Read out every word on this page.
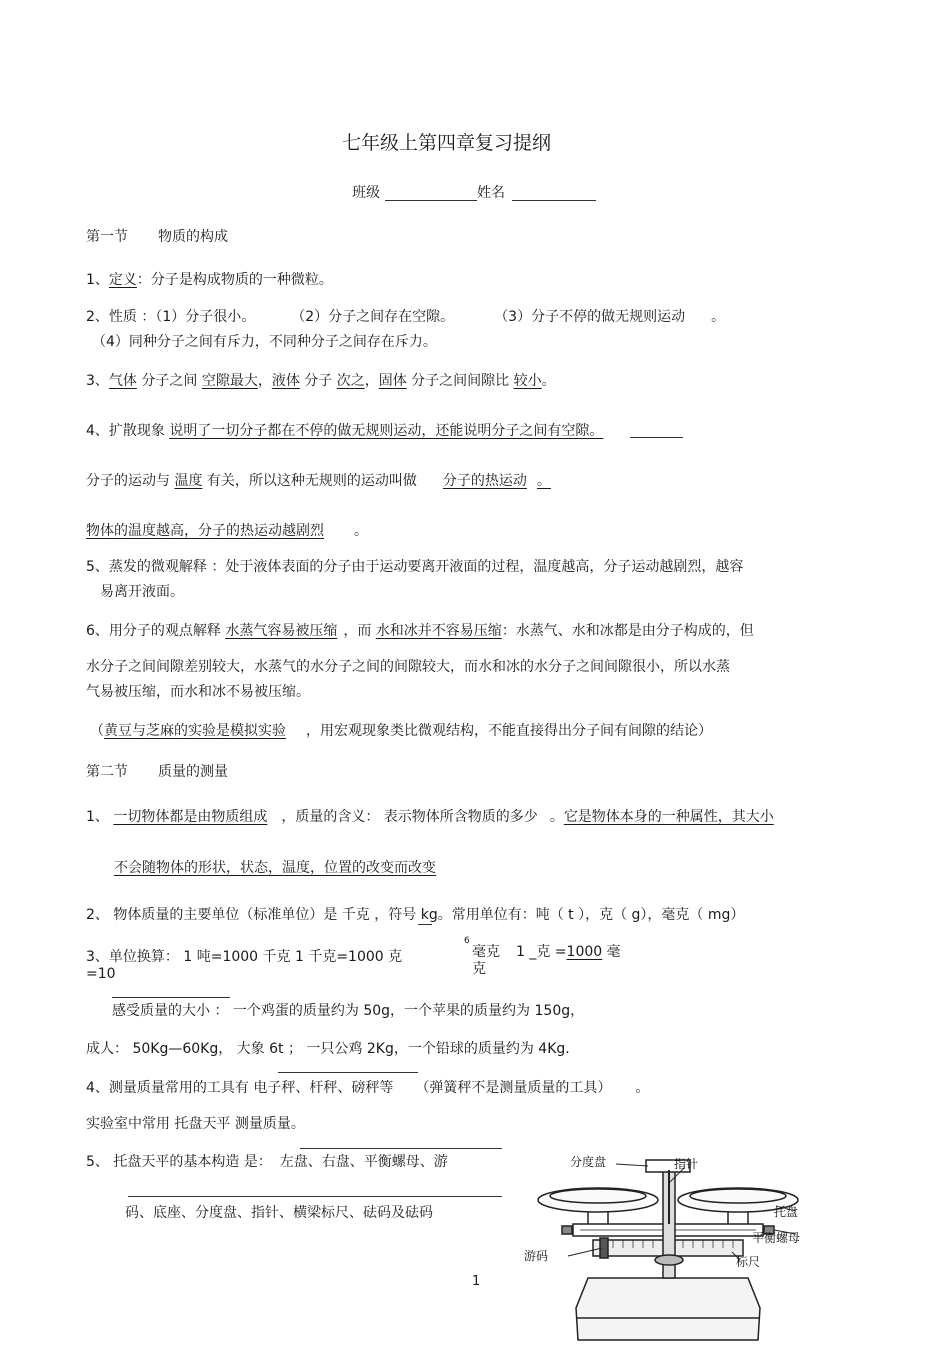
七年级上第四章复习提纲
班级	姓名
第一节 物质的构成
1、定义：分子是构成物质的一种微粒。
2、性质 ：（1）分子很小。	（2）分子之间存在空隙。	（3）分子不停的做无规则运动 。
（4）同种分子之间有斥力，不同种分子之间存在斥力。
3、气体 分子之间 空隙最大，液体 分子 次之，固体 分子之间间隙比 较小。
4、扩散现象 说明了一切分子都在不停的做无规则运动，还能说明分子之间有空隙。
分子的运动与 温度 有关，所以这种无规则的运动叫做 分子的热运动 。
物体的温度越高，分子的热运动越剧烈 。
5、蒸发的微观解释 ：处于液体表面的分子由于运动要离开液面的过程，温度越高，分子运动越剧烈，越容
易离开液面。
6、用分子的观点解释 水蒸气容易被压缩 ，而 水和冰并不容易压缩：水蒸气、水和冰都是由分子构成的，但
水分子之间间隙差别较大，水蒸气的水分子之间的间隙较大，而水和冰的水分子之间间隙很小，所以水蒸
气易被压缩，而水和冰不易被压缩。
（黄豆与芝麻的实验是模拟实验 ，用宏观现象类比微观结构，不能直接得出分子间有间隙的结论）
第二节 质量的测量
1、 一切物体都是由物质组成 ，质量的含义： 表示物体所含物质的多少 。它是物体本身的一种属性，其大小
不会随物体的形状，状态，温度，位置的改变而改变
2、 物体质量的主要单位（标准单位）是 千克 ，符号 kg。常用单位有：吨（ t ），克（ g），毫克（ mg）
3、单位换算： 1 吨=1000 千克 1 千克=1000 克
6
毫克
克
1 _克 =1000 毫
=10
感受质量的大小 ： 一个鸡蛋的质量约为 50g，一个苹果的质量约为 150g，
成人： 50Kg—60Kg， 大象 6t ； 一只公鸡 2Kg，一个铅球的质量约为 4Kg.
4、测量质量常用的工具有 电子秤、杆秤、磅秤等 （弹簧秤不是测量质量的工具） 。
实验室中常用 托盘天平 测量质量。
5、 托盘天平的基本构造 是： 左盘、右盘、平衡螺母、游
码、底座、分度盘、指针、横梁标尺、砝码及砝码
1
分度盘	指针
托盘
平衡螺母
游码	标尺
